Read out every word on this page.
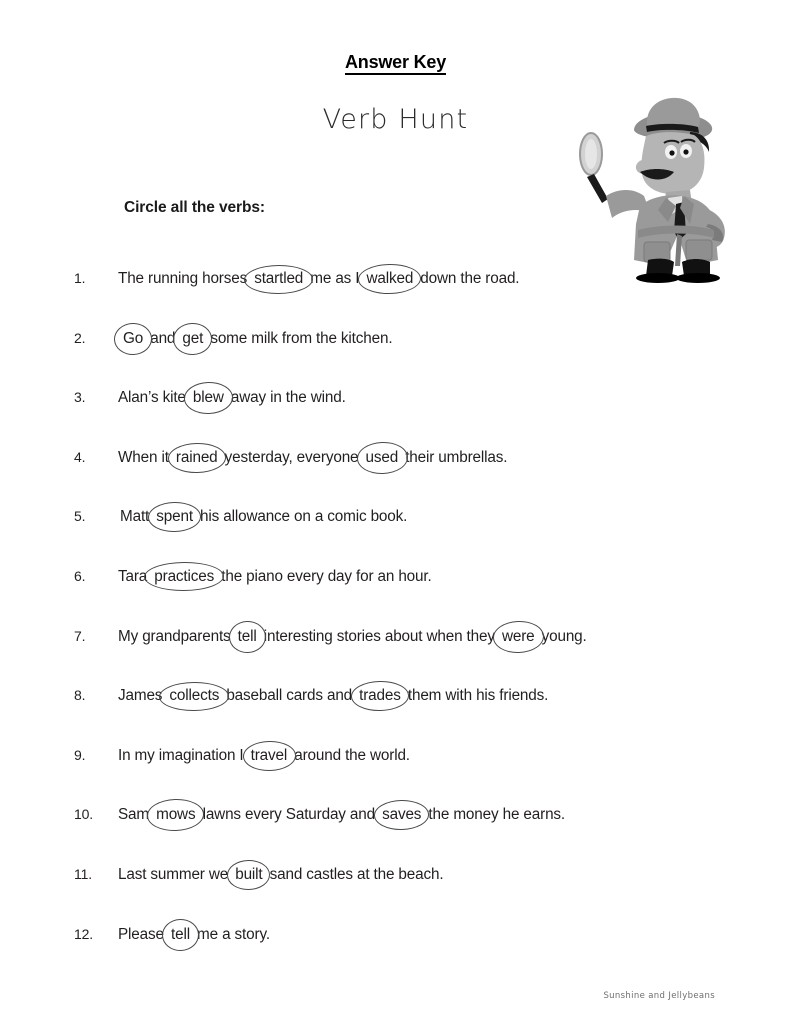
Answer Key
Verb Hunt
Circle all the verbs:
1.	The running horses startled me as I walked down the road.
2.	Go and get some milk from the kitchen.
3.	Alan’s kite blew away in the wind.
4.	When it rained yesterday, everyone used their umbrellas.
5.	Matt spent his allowance on a comic book.
6.	Tara practices the piano every day for an hour.
7.	My grandparents tell interesting stories about when they were young.
8.	James collects baseball cards and trades them with his friends.
9.	In my imagination I travel around the world.
10.	Sam mows lawns every Saturday and saves the money he earns.
11.	Last summer we built sand castles at the beach.
12.	Please tell me a story.
Sunshine and Jellybeans
